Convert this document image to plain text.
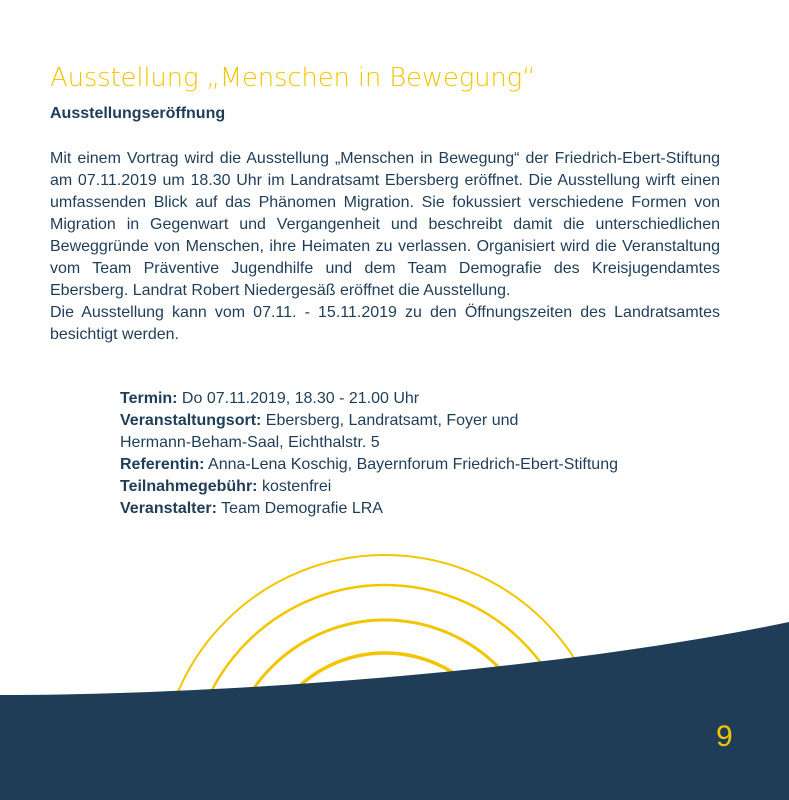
Ausstellung „Menschen in Bewegung“
Ausstellungseröffnung

Mit einem Vortrag wird die Ausstellung „Menschen in Bewegung“ der Friedrich-Ebert-Stiftung am 07.11.2019 um 18.30 Uhr im Landratsamt Ebersberg eröffnet. Die Ausstellung wirft einen umfassenden Blick auf das Phänomen Migration. Sie fokussiert verschiedene Formen von Migration in Gegenwart und Vergangenheit und beschreibt damit die unterschiedlichen Beweggründe von Menschen, ihre Heimaten zu verlassen. Organisiert wird die Veranstaltung vom Team Präventive Jugendhilfe und dem Team Demografie des Kreisjugendamtes Ebersberg. Landrat Robert Niedergesäß eröffnet die Ausstellung.

Die Ausstellung kann vom 07.11. - 15.11.2019 zu den Öffnungszeiten des Landratsamtes besichtigt werden.

Termin: Do 07.11.2019, 18.30 - 21.00 Uhr
Veranstaltungsort: Ebersberg, Landratsamt, Foyer und
Hermann-Beham-Saal, Eichthalstr. 5
Referentin: Anna-Lena Koschig, Bayernforum Friedrich-Ebert-Stiftung
Teilnahmegebühr: kostenfrei
Veranstalter: Team Demografie LRA
9
